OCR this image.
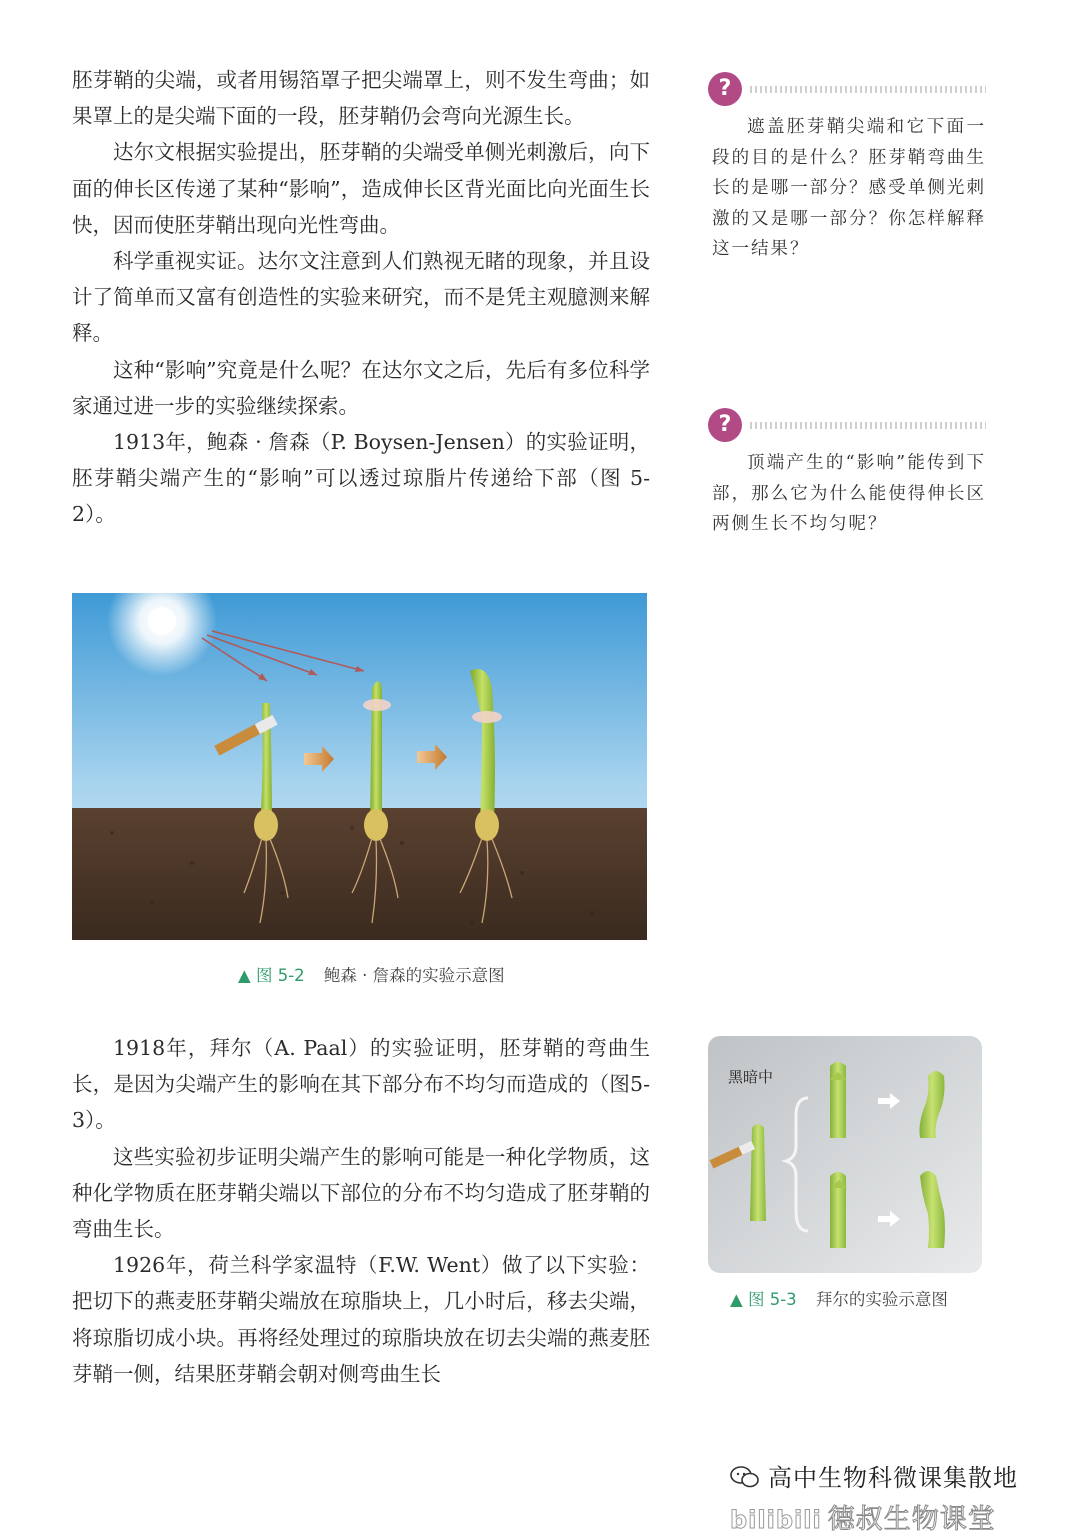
胚芽鞘的尖端，或者用锡箔罩子把尖端罩上，则不发生弯曲；如果罩上的是尖端下面的一段，胚芽鞘仍会弯向光源生长。

达尔文根据实验提出，胚芽鞘的尖端受单侧光刺激后，向下面的伸长区传递了某种“影响”，造成伸长区背光面比向光面生长快，因而使胚芽鞘出现向光性弯曲。

科学重视实证。达尔文注意到人们熟视无睹的现象，并且设计了简单而又富有创造性的实验来研究，而不是凭主观臆测来解释。

这种“影响”究竟是什么呢？在达尔文之后，先后有多位科学家通过进一步的实验继续探索。

1913年，鲍森 · 詹森（P. Boysen-Jensen）的实验证明，胚芽鞘尖端产生的“影响”可以透过琼脂片传递给下部（图 5-2）。

?

遮盖胚芽鞘尖端和它下面一段的目的是什么？胚芽鞘弯曲生长的是哪一部分？感受单侧光刺激的又是哪一部分？你怎样解释这一结果？

?

顶端产生的“影响”能传到下部，那么它为什么能使得伸长区两侧生长不均匀呢？

▲ 图 5-2 鲍森 · 詹森的实验示意图

1918年，拜尔（A. Paal）的实验证明，胚芽鞘的弯曲生长，是因为尖端产生的影响在其下部分布不均匀而造成的（图5-3）。

这些实验初步证明尖端产生的影响可能是一种化学物质，这种化学物质在胚芽鞘尖端以下部位的分布不均匀造成了胚芽鞘的弯曲生长。

1926年，荷兰科学家温特（F.W. Went）做了以下实验：把切下的燕麦胚芽鞘尖端放在琼脂块上，几小时后，移去尖端，将琼脂切成小块。再将经处理过的琼脂块放在切去尖端的燕麦胚芽鞘一侧，结果胚芽鞘会朝对侧弯曲生长

黑暗中
▲ 图 5-3 拜尔的实验示意图
高中生物科微课集散地
bilibili 德叔生物课堂
